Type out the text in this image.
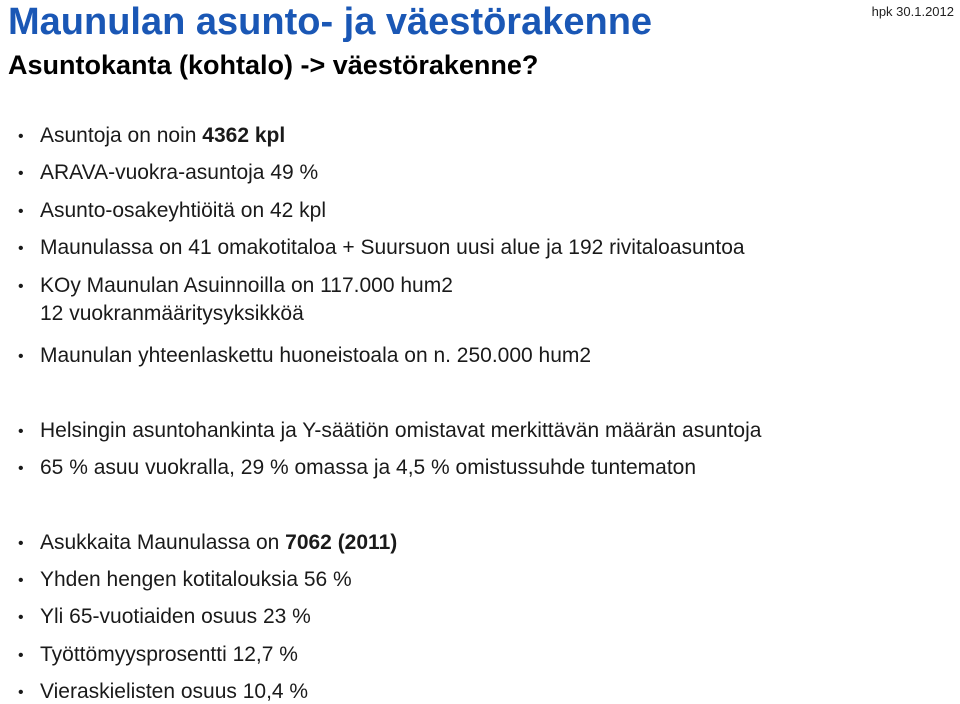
Maunulan asunto- ja väestörakenne	hpk 30.1.2012
Asuntokanta (kohtalo) -> väestörakenne?
• Asuntoja on noin 4362 kpl
• ARAVA-vuokra-asuntoja 49 %
• Asunto-osakeyhtiöitä on 42 kpl
• Maunulassa on 41 omakotitaloa + Suursuon uusi alue ja 192 rivitaloasuntoa
• KOy Maunulan Asuinnoilla on 117.000 hum2
• Maunulan yhteenlaskettu huoneistoala on n. 250.000 hum2
• Helsingin asuntohankinta ja Y-säätiön omistavat merkittävän määrän asuntoja
• 65 % asuu vuokralla, 29 % omassa ja 4,5 % omistussuhde tuntematon
• Asukkaita Maunulassa on 7062 (2011)
• Yhden hengen kotitalouksia 56 %
• Yli 65-vuotiaiden osuus 23 %
• Työttömyysprosentti 12,7 %
• Vieraskielisten osuus 10,4 %
12 vuokranmääritysyksikköä
